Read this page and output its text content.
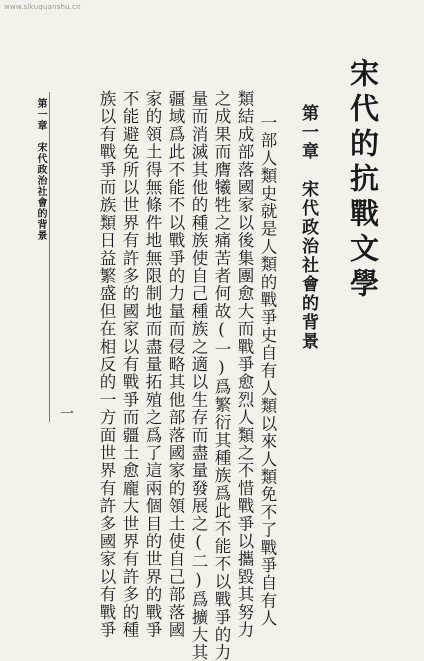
www.sikuquanshu.cn
宋代的抗戰文學
第一章　宋代政治社會的背景
一部人類史就是人類的戰爭史自有人類以來人類免不了戰爭自有人
類結成部落國家以後集團愈大而戰爭愈烈人類之不惜戰爭以攜毀其努力
之成果而膺犧牲之痛苦者何故(一)爲繁衍其種族爲此不能不以戰爭的力
量而消滅其他的種族使自己種族之適以生存而盡量發展之(二)爲擴大其
疆域爲此不能不以戰爭的力量而侵略其他部落國家的領土使自己部落國
家的領土得無條件地無限制地而盡量拓殖之爲了這兩個目的世界的戰爭
不能避免所以世界有許多的國家以有戰爭而疆土愈龐大世界有許多的種
族以有戰爭而族類日益繁盛但在相反的一方面世界有許多國家以有戰爭
第一章　宋代政治社會的背景
一
